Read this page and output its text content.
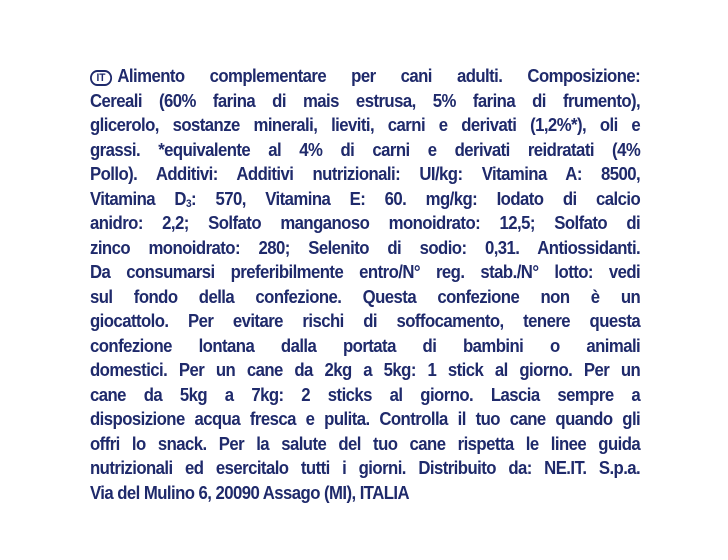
IT Alimento complementare per cani adulti. Composizione:
Cereali (60% farina di mais estrusa, 5% farina di frumento),
glicerolo, sostanze minerali, lieviti, carni e derivati (1,2%*), oli e
grassi. *equivalente al 4% di carni e derivati reidratati (4%
Pollo). Additivi: Additivi nutrizionali: UI/kg: Vitamina A: 8500,
Vitamina $D_3$: 570, Vitamina E: 60. mg/kg: Iodato di calcio
anidro: 2,2; Solfato manganoso monoidrato: 12,5; Solfato di
zinco monoidrato: 280; Selenito di sodio: 0,31. Antiossidanti.
Da consumarsi preferibilmente entro/N° reg. stab./N° lotto: vedi
sul fondo della confezione. Questa confezione non è un
giocattolo. Per evitare rischi di soffocamento, tenere questa
confezione lontana dalla portata di bambini o animali
domestici. Per un cane da 2kg a 5kg: 1 stick al giorno. Per un
cane da 5kg a 7kg: 2 sticks al giorno. Lascia sempre a
disposizione acqua fresca e pulita. Controlla il tuo cane quando gli
offri lo snack. Per la salute del tuo cane rispetta le linee guida
nutrizionali ed esercitalo tutti i giorni. Distribuito da: NE.IT. S.p.a.
Via del Mulino 6, 20090 Assago (MI), ITALIA
